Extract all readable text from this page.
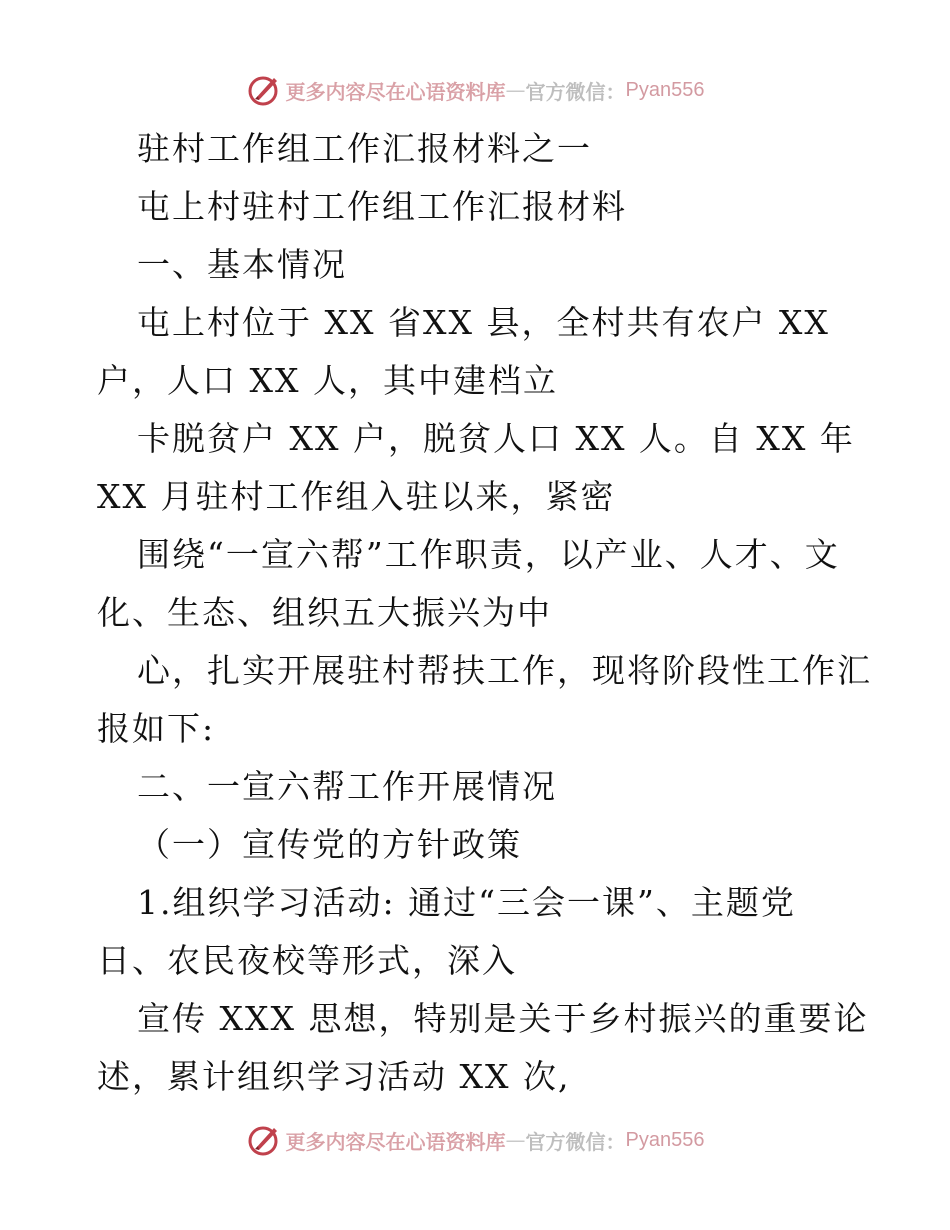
更多内容尽在心语资料库 — 官方微信： Pyan556
驻村工作组工作汇报材料之一
屯上村驻村工作组工作汇报材料
一、基本情况
屯上村位于 XX 省XX 县，全村共有农户 XX
户，人口 XX 人，其中建档立
卡脱贫户 XX 户，脱贫人口 XX 人。自 XX 年
XX 月驻村工作组入驻以来，紧密
围绕“一宣六帮”工作职责，以产业、人才、文
化、生态、组织五大振兴为中
心，扎实开展驻村帮扶工作，现将阶段性工作汇
报如下:
二、一宣六帮工作开展情况
（一）宣传党的方针政策
1.组织学习活动: 通过“三会一课”、主题党
日、农民夜校等形式，深入
宣传 XXX 思想，特别是关于乡村振兴的重要论
述，累计组织学习活动 XX 次,
更多内容尽在心语资料库 — 官方微信： Pyan556
